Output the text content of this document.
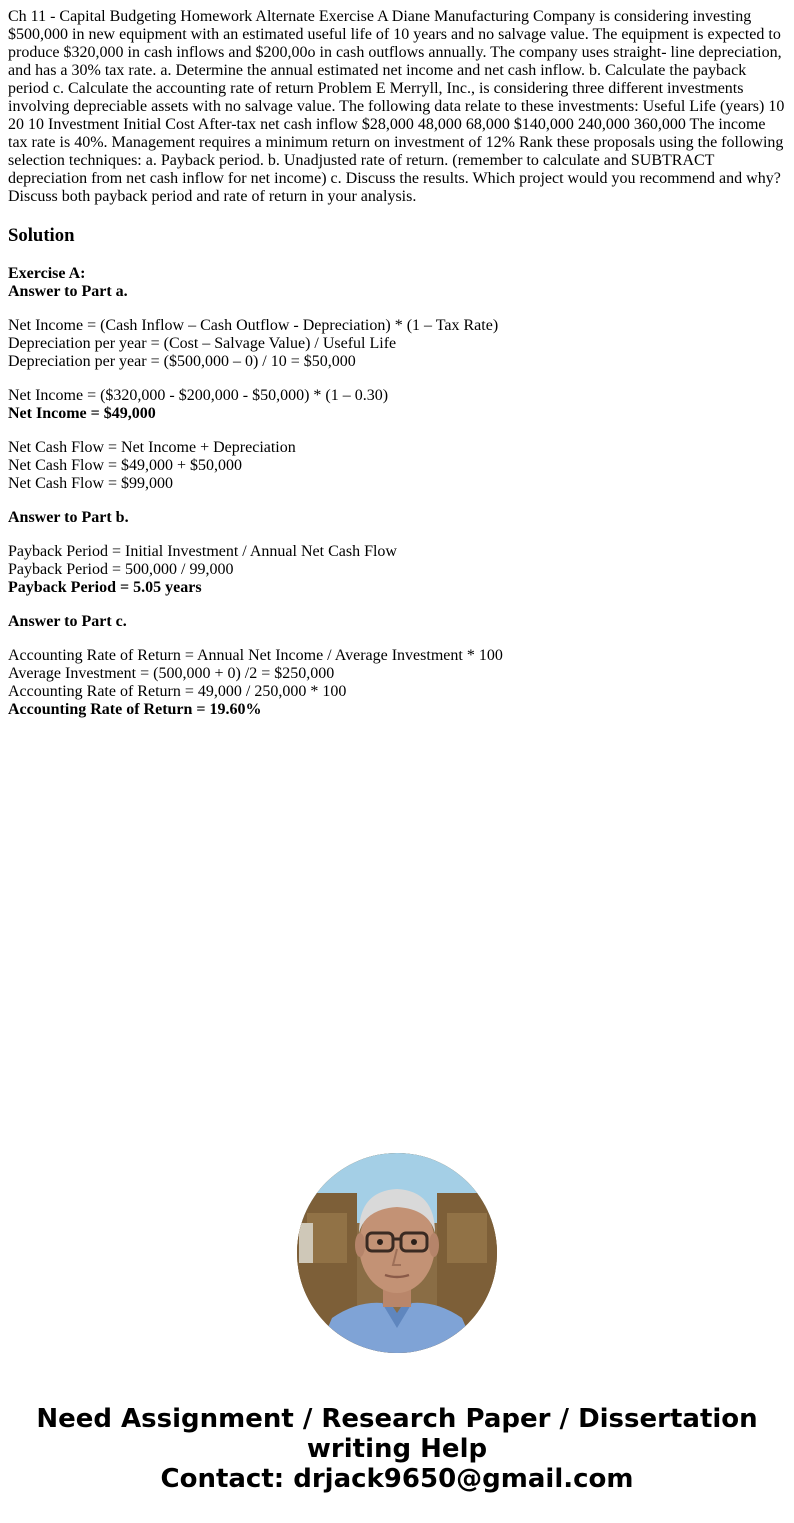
Ch 11 - Capital Budgeting Homework Alternate Exercise A Diane Manufacturing Company is considering investing $500,000 in new equipment with an estimated useful life of 10 years and no salvage value. The equipment is expected to produce $320,000 in cash inflows and $200,00o in cash outflows annually. The company uses straight- line depreciation, and has a 30% tax rate. a. Determine the annual estimated net income and net cash inflow. b. Calculate the payback period c. Calculate the accounting rate of return Problem E Merryll, Inc., is considering three different investments involving depreciable assets with no salvage value. The following data relate to these investments: Useful Life (years) 10 20 10 Investment Initial Cost After-tax net cash inflow $28,000 48,000 68,000 $140,000 240,000 360,000 The income tax rate is 40%. Management requires a minimum return on investment of 12% Rank these proposals using the following selection techniques: a. Payback period. b. Unadjusted rate of return. (remember to calculate and SUBTRACT depreciation from net cash inflow for net income) c. Discuss the results. Which project would you recommend and why? Discuss both payback period and rate of return in your analysis.

Solution
Exercise A:
Answer to Part a.
Net Income = (Cash Inflow – Cash Outflow - Depreciation) * (1 – Tax Rate)
Depreciation per year = (Cost – Salvage Value) / Useful Life
Depreciation per year = ($500,000 – 0) / 10 = $50,000
Net Income = ($320,000 - $200,000 - $50,000) * (1 – 0.30)
Net Income = $49,000
Net Cash Flow = Net Income + Depreciation
Net Cash Flow = $49,000 + $50,000
Net Cash Flow = $99,000
Answer to Part b.
Payback Period = Initial Investment / Annual Net Cash Flow
Payback Period = 500,000 / 99,000
Payback Period = 5.05 years
Answer to Part c.
Accounting Rate of Return = Annual Net Income / Average Investment * 100
Average Investment = (500,000 + 0) /2 = $250,000
Accounting Rate of Return = 49,000 / 250,000 * 100
Accounting Rate of Return = 19.60%
Need Assignment / Research Paper / Dissertation
writing Help
Contact: drjack9650@gmail.com
